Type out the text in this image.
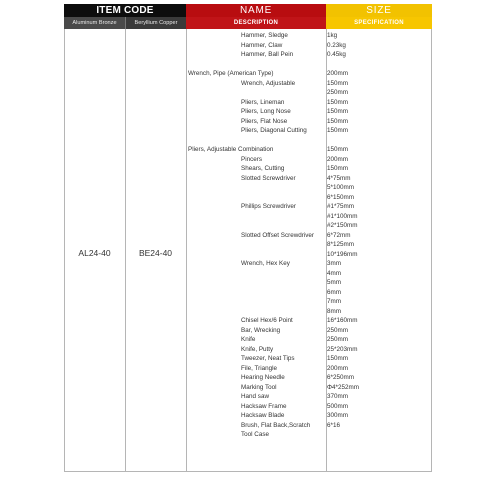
ITEM CODE	NAME	SIZE
Aluminum Bronze	Beryllium Copper	DESCRIPTION	SPECIFICATION
AL24-40	BE24-40
Hammer, Sledge	1kg
Hammer, Claw	0.23kg
Hammer, Ball Pein	0.45kg
Wrench, Pipe (American Type)	200mm
Wrench, Adjustable	150mm
250mm
Pliers, Lineman	150mm
Pliers, Long Nose	150mm
Pliers, Flat Nose	150mm
Pliers, Diagonal Cutting	150mm
Pliers, Adjustable Combination	150mm
Pincers	200mm
Shears, Cutting	150mm
Slotted Screwdriver	4*75mm
5*100mm
6*150mm
Phillips Screwdriver	#1*75mm
#1*100mm
#2*150mm
Slotted Offset Screwdriver 6*72mm
8*125mm
10*196mm
Wrench, Hex Key	3mm
4mm
5mm
6mm
7mm
8mm
Chisel Hex/6 Point	16*160mm
Bar, Wrecking	250mm
Knife	250mm
Knife, Putty	25*203mm
Tweezer, Neat Tips	150mm
File, Triangle	200mm
Hearing Needle	6*250mm
Marking Tool	Φ4*252mm
Hand saw	370mm
Hacksaw Frame	500mm
Hacksaw Blade	300mm
Brush, Flat Back,Scratch	6*16
Tool Case
